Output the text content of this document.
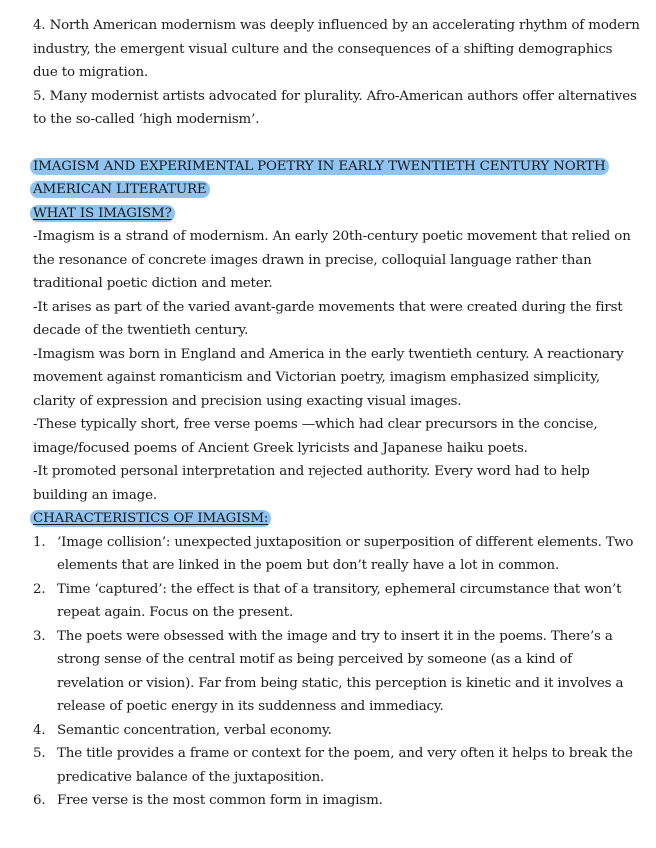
4. North American modernism was deeply influenced by an accelerating rhythm of modern industry, the emergent visual culture and the consequences of a shifting demographics due to migration.

5. Many modernist artists advocated for plurality. Afro-American authors offer alternatives to the so-called ‘high modernism’.

IMAGISM AND EXPERIMENTAL POETRY IN EARLY TWENTIETH CENTURY NORTH AMERICAN LITERATURE

WHAT IS IMAGISM?

-Imagism is a strand of modernism. An early 20th-century poetic movement that relied on the resonance of concrete images drawn in precise, colloquial language rather than traditional poetic diction and meter.

-It arises as part of the varied avant-garde movements that were created during the first decade of the twentieth century.

-Imagism was born in England and America in the early twentieth century. A reactionary movement against romanticism and Victorian poetry, imagism emphasized simplicity, clarity of expression and precision using exacting visual images.

-These typically short, free verse poems —which had clear precursors in the concise, image/focused poems of Ancient Greek lyricists and Japanese haiku poets.

-It promoted personal interpretation and rejected authority. Every word had to help building an image.

CHARACTERISTICS OF IMAGISM:

1. ‘Image collision’: unexpected juxtaposition or superposition of different elements. Two elements that are linked in the poem but don’t really have a lot in common.
2. Time ‘captured’: the effect is that of a transitory, ephemeral circumstance that won’t repeat again. Focus on the present.
3. The poets were obsessed with the image and try to insert it in the poems. There’s a strong sense of the central motif as being perceived by someone (as a kind of revelation or vision). Far from being static, this perception is kinetic and it involves a release of poetic energy in its suddenness and immediacy.
4. Semantic concentration, verbal economy.
5. The title provides a frame or context for the poem, and very often it helps to break the predicative balance of the juxtaposition.
6. Free verse is the most common form in imagism.
